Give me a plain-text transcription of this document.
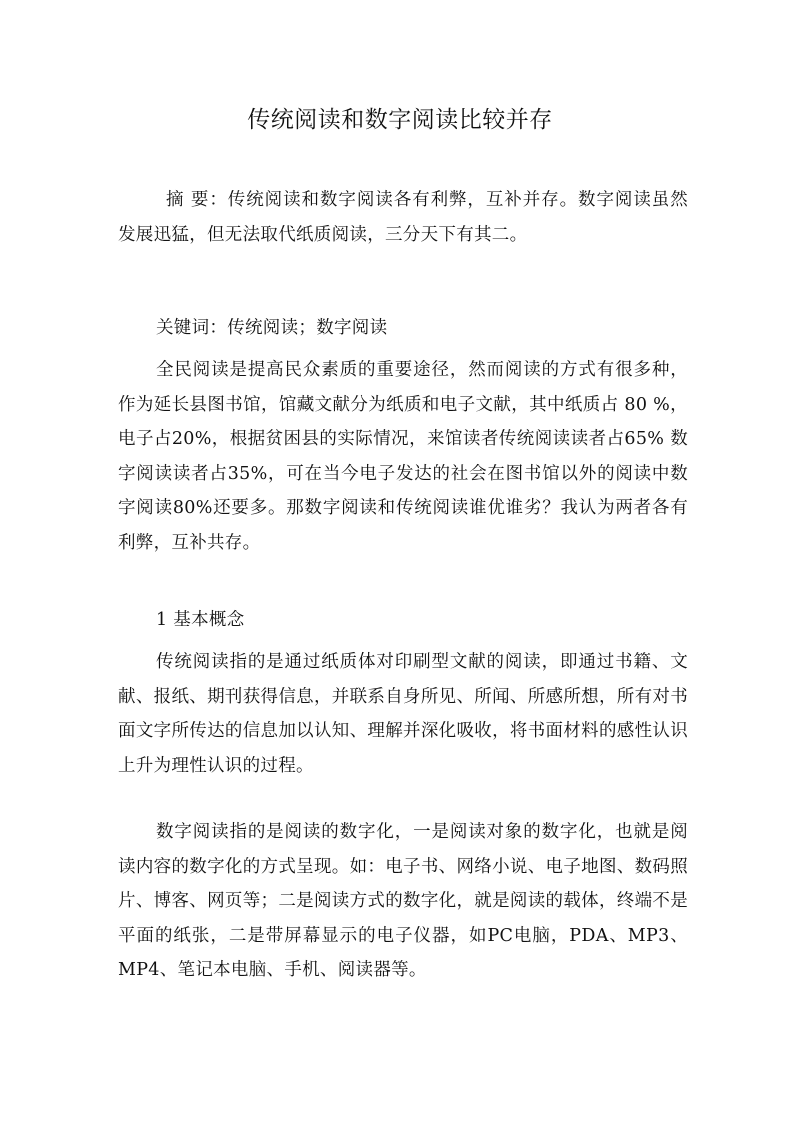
传统阅读和数字阅读比较并存
摘 要：传统阅读和数字阅读各有利弊，互补并存。数字阅读虽然发展迅猛，但无法取代纸质阅读，三分天下有其二。
关键词：传统阅读；数字阅读
全民阅读是提高民众素质的重要途径，然而阅读的方式有很多种，作为延长县图书馆，馆藏文献分为纸质和电子文献，其中纸质占 80 %，电子占20%，根据贫困县的实际情况，来馆读者传统阅读读者占65% 数字阅读读者占35%，可在当今电子发达的社会在图书馆以外的阅读中数字阅读80%还要多。那数字阅读和传统阅读谁优谁劣？我认为两者各有利弊，互补共存。
1 基本概念
传统阅读指的是通过纸质体对印刷型文献的阅读，即通过书籍、文献、报纸、期刊获得信息，并联系自身所见、所闻、所感所想，所有对书面文字所传达的信息加以认知、理解并深化吸收，将书面材料的感性认识上升为理性认识的过程。
数字阅读指的是阅读的数字化，一是阅读对象的数字化，也就是阅读内容的数字化的方式呈现。如：电子书、网络小说、电子地图、数码照片、博客、网页等；二是阅读方式的数字化，就是阅读的载体，终端不是平面的纸张，二是带屏幕显示的电子仪器，如PC电脑，PDA、MP3、MP4、笔记本电脑、手机、阅读器等。
